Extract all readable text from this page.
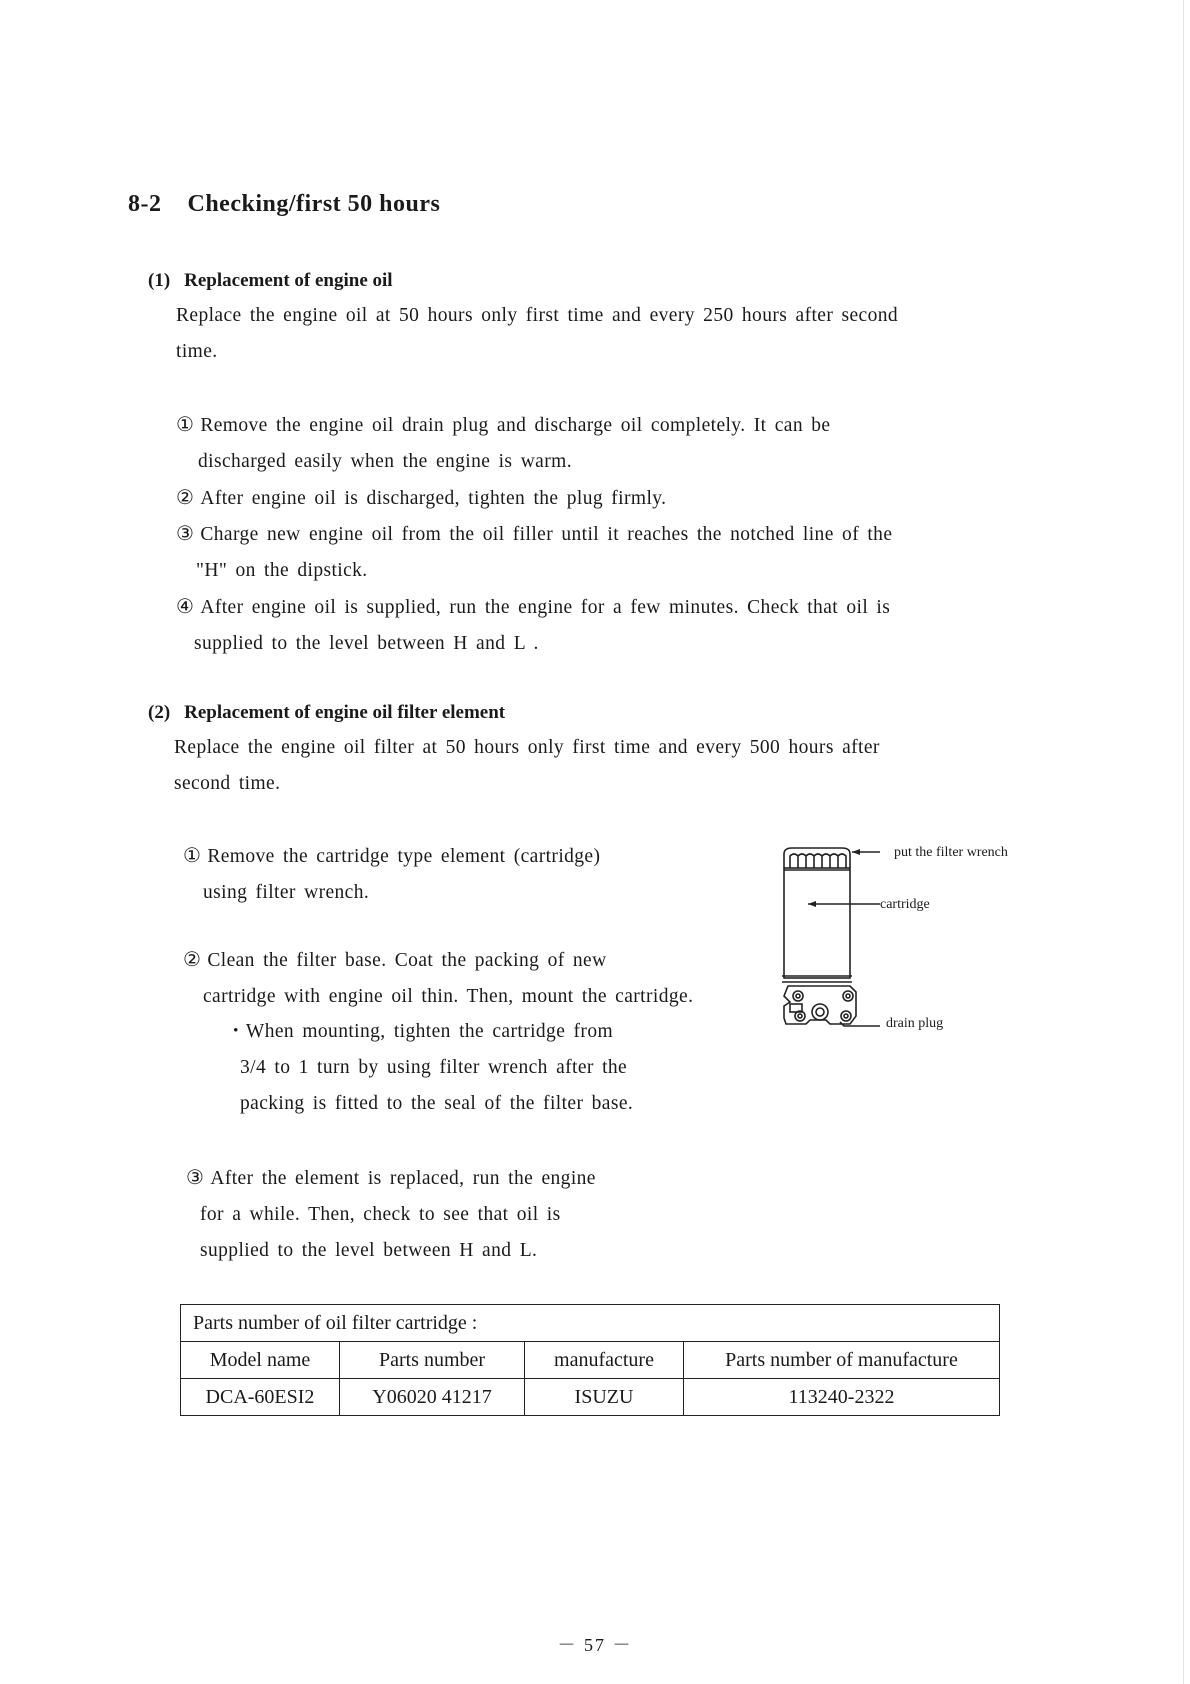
8-2 Checking/first 50 hours
(1) Replacement of engine oil
Replace the engine oil at 50 hours only first time and every 250 hours after second
time.
① Remove the engine oil drain plug and discharge oil completely. It can be
discharged easily when the engine is warm.
② After engine oil is discharged, tighten the plug firmly.
③ Charge new engine oil from the oil filler until it reaches the notched line of the
"H" on the dipstick.
④ After engine oil is supplied, run the engine for a few minutes. Check that oil is
supplied to the level between H and L .
(2) Replacement of engine oil filter element
Replace the engine oil filter at 50 hours only first time and every 500 hours after
second time.
① Remove the cartridge type element (cartridge)
using filter wrench.
② Clean the filter base. Coat the packing of new
cartridge with engine oil thin. Then, mount the cartridge.
・When mounting, tighten the cartridge from
3/4 to 1 turn by using filter wrench after the
packing is fitted to the seal of the filter base.
③ After the element is replaced, run the engine
for a while. Then, check to see that oil is
supplied to the level between H and L.
put the filter wrench
cartridge
drain plug
Parts number of oil filter cartridge :			
Model name	Parts number	manufacture	Parts number of manufacture
DCA-60ESI2	Y06020 41217	ISUZU	113240-2322
－ 57 －
